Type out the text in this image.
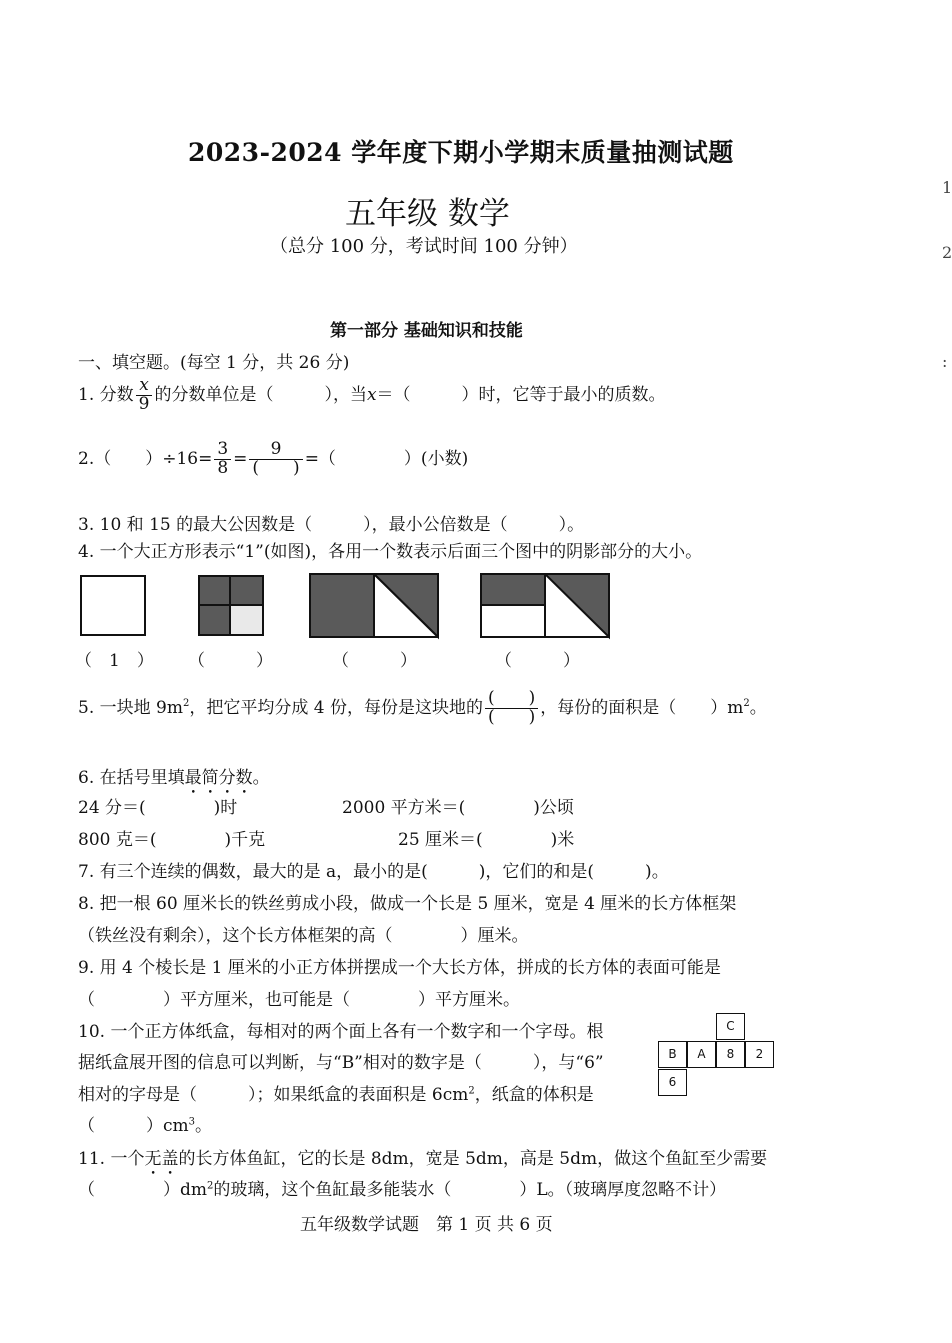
2023-2024 学年度下期小学期末质量抽测试题
五年级 数学
（总分 100 分，考试时间 100 分钟）
第一部分 基础知识和技能
一、填空题。(每空 1 分，共 26 分)
1. 分数 $\frac{x}{9}$ 的分数单位是（　　　），当x＝（　　　）时，它等于最小的质数。
2.（　　）$\div 16= \frac{3}{8} = \frac{9}{( )}$ =（　　　　）(小数)
3. 10 和 15 的最大公因数是（　　　），最小公倍数是（　　　）。
4. 一个大正方形表示“1”(如图)，各用一个数表示后面三个图中的阴影部分的大小。
（　1　） （　　　）	（　　　）	（　　　）
5. 一块地 $9m^2$，把它平均分成 4 份，每份是这块地的 $\frac{( )}{( )}$ ，每份的面积是（　　）$m^2$。
6. 在括号里填最简分数。
24 分＝(　　　　)时	2000 平方米＝(　　　　)公顷
800 克＝(　　　　)千克	25 厘米＝(　　　　)米
7. 有三个连续的偶数，最大的是 a，最小的是(　　　)，它们的和是(　　　)。
8. 把一根 60 厘米长的铁丝剪成小段，做成一个长是 5 厘米，宽是 4 厘米的长方体框架
（铁丝没有剩余），这个长方体框架的高（　　　　）厘米。
9. 用 4 个棱长是 1 厘米的小正方体拼摆成一个大长方体，拼成的长方体的表面可能是
（　　　　）平方厘米，也可能是（　　　　）平方厘米。
10. 一个正方体纸盒，每相对的两个面上各有一个数字和一个字母。根
据纸盒展开图的信息可以判断，与“B”相对的数字是（　　　），与“6”
相对的字母是（　　　）；如果纸盒的表面积是 $6cm^2$，纸盒的体积是
（　　　）$cm^3$。
C
B	A	8	2
6
11. 一个无盖的长方体鱼缸，它的长是 8dm，宽是 5dm，高是 5dm，做这个鱼缸至少需要
（　　　　）$dm^2$的玻璃，这个鱼缸最多能装水（　　　　）L。（玻璃厚度忽略不计）
五年级数学试题　第 1 页 共 6 页
1
2
:
